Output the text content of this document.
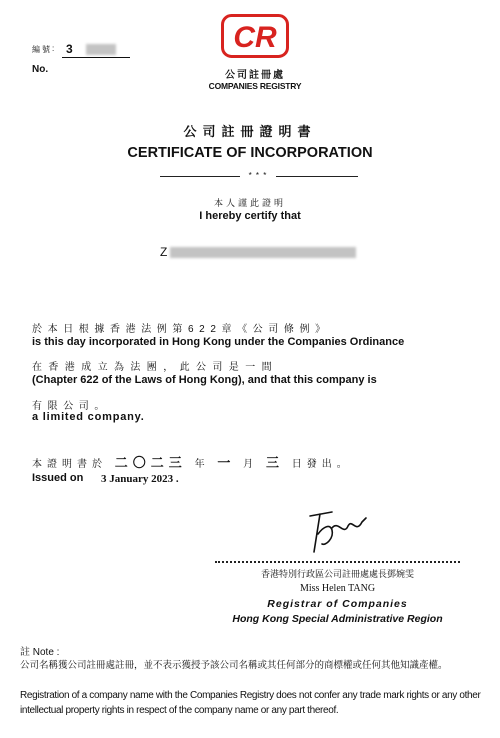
編號 :
No.
3	CR
公司註冊處
COMPANIES REGISTRY
公司註冊證明書
CERTIFICATE OF INCORPORATION
* * *
本人謹此證明
I hereby certify that
Z
於本日根據香港法例第622章《公司條例》
is this day incorporated in Hong Kong under the Companies Ordinance
在香港成立為法團，此公司是一間
(Chapter 622 of the Laws of Hong Kong), and that this company is
有限公司。
a limited company.
本證明書於 二〇二三 年 一 月 三 日發出。
Issued on 3 January 2023 .
香港特別行政區公司註冊處處長鄧婉雯
Miss Helen TANG
Registrar of Companies
Hong Kong Special Administrative Region
註 Note :
公司名稱獲公司註冊處註冊，並不表示獲授予該公司名稱或其任何部分的商標權或任何其他知識產權。
Registration of a company name with the Companies Registry does not confer any trade mark rights or any other intellectual property rights in respect of the company name or any part thereof.
